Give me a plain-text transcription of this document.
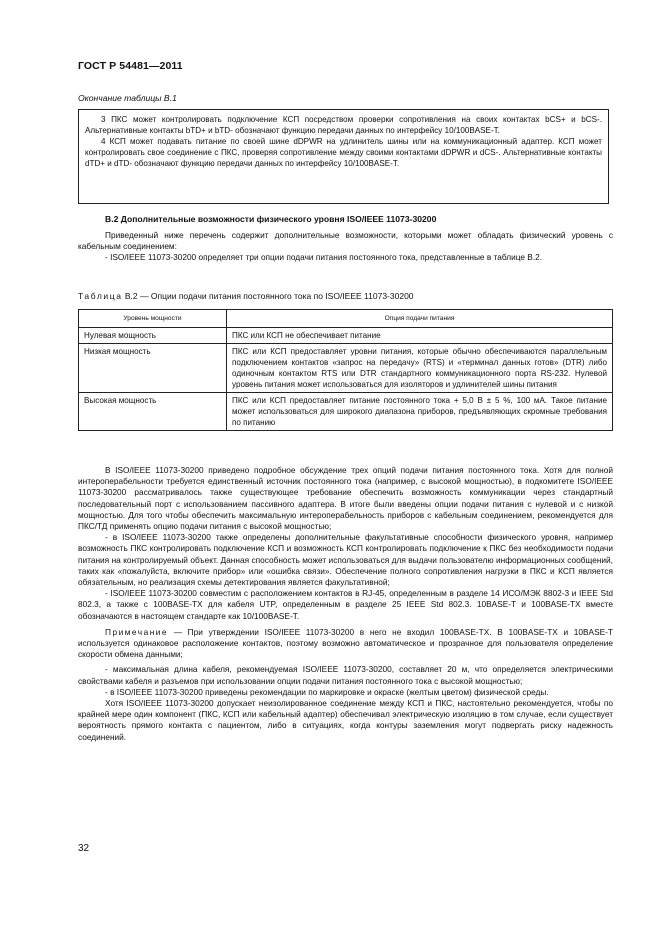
ГОСТ Р 54481—2011
Окончание таблицы В.1

3 ПКС может контролировать подключение КСП посредством проверки сопротивления на своих контактах bCS+ и bCS-. Альтернативные контакты bTD+ и bTD- обозначают функцию передачи данных по интерфейсу 10/100BASE-T.

4 КСП может подавать питание по своей шине dDPWR на удлинитель шины или на коммуникационный адаптер. КСП может контролировать свое соединение с ПКС, проверяя сопротивление между своими контактами dDPWR и dCS-. Альтернативные контакты dTD+ и dTD- обозначают функцию передачи данных по интерфейсу 10/100BASE-T.

В.2 Дополнительные возможности физического уровня ISO/IEEE 11073-30200

Приведенный ниже перечень содержит дополнительные возможности, которыми может обладать физический уровень с кабельным соединением:

- ISO/IEEE 11073-30200 определяет три опции подачи питания постоянного тока, представленные в таблице В.2.

Таблица В.2 — Опции подачи питания постоянного тока по ISO/IEEE 11073-30200
Уровень мощности	Опция подачи питания
Нулевая мощность	ПКС или КСП не обеспечивает питание
Низкая мощность	ПКС или КСП предоставляет уровни питания, которые обычно обеспечиваются параллельным подключением контактов «запрос на передачу» (RTS) и «терминал данных готов» (DTR) либо одиночным контактом RTS или DTR стандартного коммуникационного порта RS-232. Нулевой уровень питания может использоваться для изоляторов и удлинителей шины питания
Высокая мощность	ПКС или КСП предоставляет питание постоянного тока + 5,0 В ± 5 %, 100 мА. Такое питание может использоваться для широкого диапазона приборов, предъявляющих скромные требования по питанию

В ISO/IEEE 11073-30200 приведено подробное обсуждение трех опций подачи питания постоянного тока. Хотя для полной интероперабельности требуется единственный источник постоянного тока (например, с высокой мощностью), в подкомитете ISO/IEEE 11073-30200 рассматривалось также существующее требование обеспечить возможность коммуникации через стандартный последовательный порт с использованием пассивного адаптера. В итоге были введены опции подачи питания с нулевой и с низкой мощностью. Для того чтобы обеспечить максимальную интероперабельность приборов с кабельным соединением, рекомендуется для ПКС/ТД применять опцию подачи питания с высокой мощностью;

- в ISO/IEEE 11073-30200 также определены дополнительные факультативные способности физического уровня, например возможность ПКС контролировать подключение КСП и возможность КСП контролировать подключение к ПКС без необходимости подачи питания на контролируемый объект. Данная способность может использоваться для выдачи пользователю информационных сообщений, таких как «пожалуйста, включите прибор» или «ошибка связи». Обеспечение полного сопротивления нагрузки в ПКС и КСП является обязательным, но реализация схемы детектирования является факультативной;

- ISO/IEEE 11073-30200 совместим с расположением контактов в RJ-45, определенным в разделе 14 ИСО/МЭК 8802-3 и IEEE Std 802.3, а также с 100BASE-TX для кабеля UTP, определенным в разделе 25 IEEE Std 802.3. 10BASE-T и 100BASE-TX вместе обозначаются в настоящем стандарте как 10/100BASE-T.

Примечание — При утверждении ISO/IEEE 11073-30200 в него не входил 100BASE-TX. В 100BASE-TX и 10BASE-T используется одинаковое расположение контактов, поэтому возможно автоматическое и прозрачное для пользователя определение скорости обмена данными;

- максимальная длина кабеля, рекомендуемая ISO/IEEE 11073-30200, составляет 20 м, что определяется электрическими свойствами кабеля и разъемов при использовании опции подачи питания постоянного тока с высокой мощностью;

- в ISO/IEEE 11073-30200 приведены рекомендации по маркировке и окраске (желтым цветом) физической среды.

Хотя ISO/IEEE 11073-30200 допускает неизолированное соединение между КСП и ПКС, настоятельно рекомендуется, чтобы по крайней мере один компонент (ПКС, КСП или кабельный адаптер) обеспечивал электрическую изоляцию в том случае, если существует вероятность прямого контакта с пациентом, либо в ситуациях, когда контуры заземления могут подвергать риску надежность соединений.

32
